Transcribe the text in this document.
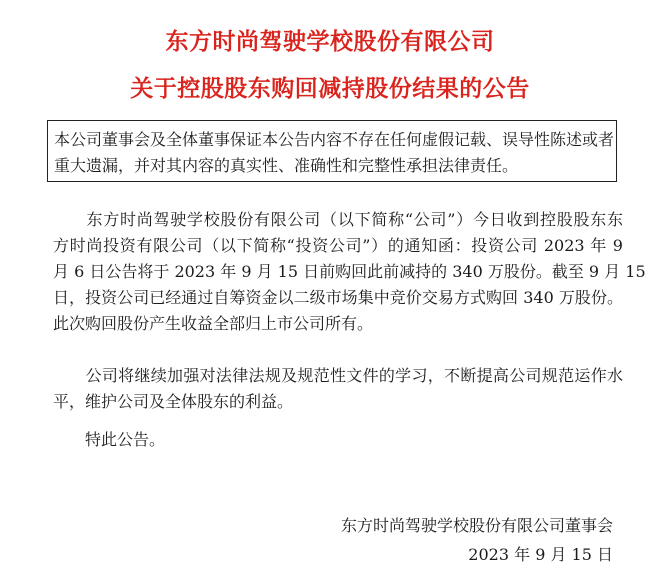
东方时尚驾驶学校股份有限公司
关于控股股东购回减持股份结果的公告
本公司董事会及全体董事保证本公告内容不存在任何虚假记载、误导性陈述或者
重大遗漏，并对其内容的真实性、准确性和完整性承担法律责任。
　　东方时尚驾驶学校股份有限公司（以下简称“公司”）今日收到控股股东东
方时尚投资有限公司（以下简称“投资公司”）的通知函：投资公司 2023 年 9
月 6 日公告将于 2023 年 9 月 15 日前购回此前减持的 340 万股份。截至 9 月 15
日，投资公司已经通过自筹资金以二级市场集中竞价交易方式购回 340 万股份。
此次购回股份产生收益全部归上市公司所有。
　　公司将继续加强对法律法规及规范性文件的学习，不断提高公司规范运作水
平，维护公司及全体股东的利益。
　　特此公告。
东方时尚驾驶学校股份有限公司董事会
2023 年 9 月 15 日
